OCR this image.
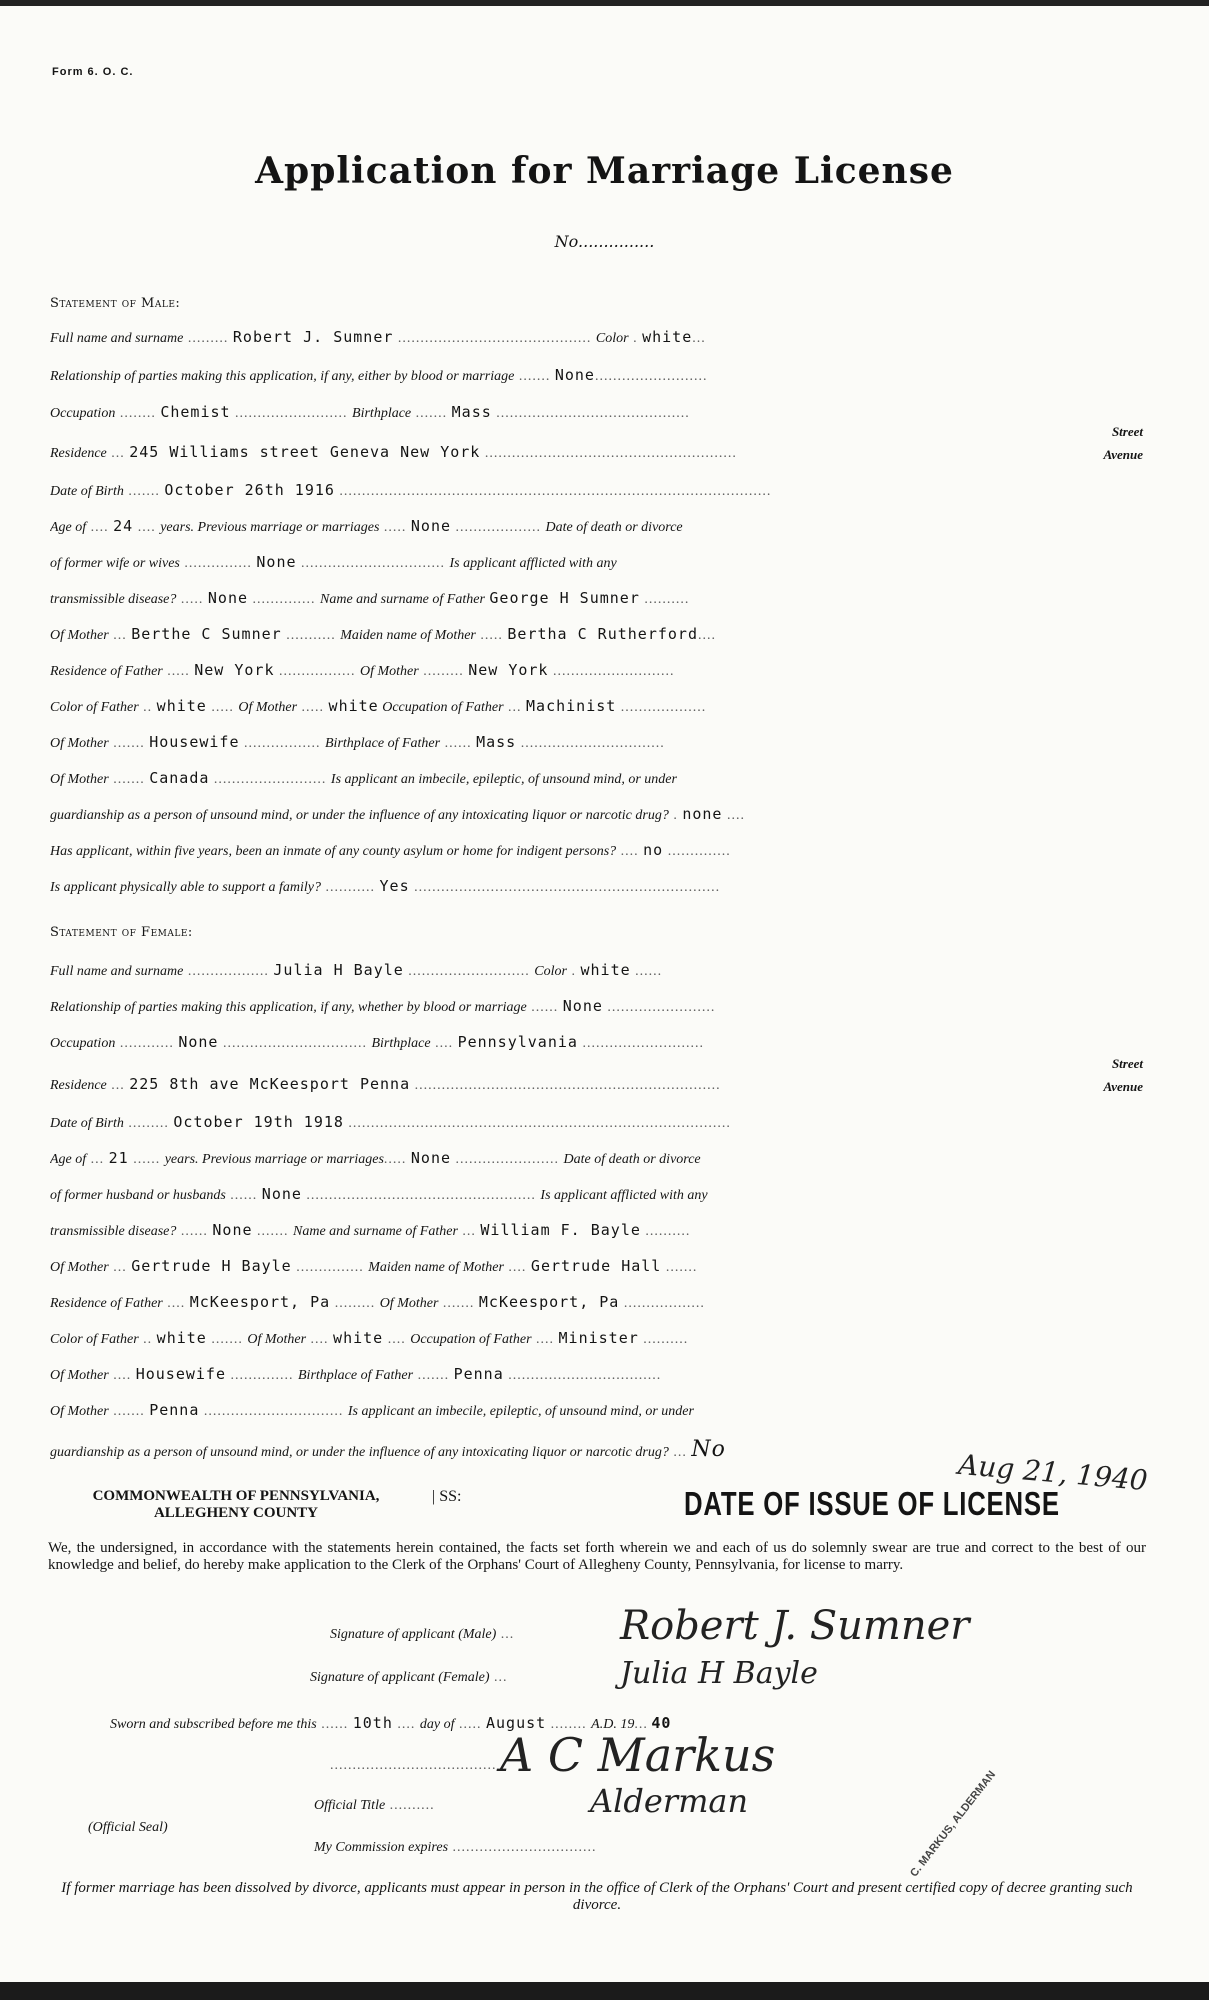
Form 6. O. C.
Application for Marriage License
No...............
Statement of Male:
Full name and surname ......... Robert J. Sumner ........................................... Color . white...
Relationship of parties making this application, if any, either by blood or marriage ....... None.........................
Occupation ........ Chemist ......................... Birthplace ....... Mass ...........................................
Street
Residence ... 245 Williams street Geneva New York ........................................................	Avenue
Date of Birth ....... October 26th 1916 ................................................................................................
Age of .... 24 .... years. Previous marriage or marriages ..... None ................... Date of death or divorce
of former wife or wives ............... None ................................ Is applicant afflicted with any
transmissible disease? ..... None .............. Name and surname of Father George H Sumner ..........
Of Mother ... Berthe C Sumner ........... Maiden name of Mother ..... Bertha C Rutherford....
Residence of Father ..... New York ................. Of Mother ......... New York ...........................
Color of Father .. white ..... Of Mother ..... white Occupation of Father ... Machinist ...................
Of Mother ....... Housewife ................. Birthplace of Father ...... Mass ................................
Of Mother ....... Canada ......................... Is applicant an imbecile, epileptic, of unsound mind, or under
guardianship as a person of unsound mind, or under the influence of any intoxicating liquor or narcotic drug? . none ....
Has applicant, within five years, been an inmate of any county asylum or home for indigent persons? .... no ..............
Is applicant physically able to support a family? ........... Yes ....................................................................
Statement of Female:
Full name and surname .................. Julia H Bayle ........................... Color . white ......
Relationship of parties making this application, if any, whether by blood or marriage ...... None ........................
Occupation ............ None ................................ Birthplace .... Pennsylvania ...........................
Street
Residence ... 225 8th ave McKeesport Penna ....................................................................	Avenue
Date of Birth ......... October 19th 1918 .....................................................................................
Age of ... 21 ...... years. Previous marriage or marriages..... None ....................... Date of death or divorce
of former husband or husbands ...... None ................................................... Is applicant afflicted with any
transmissible disease? ...... None ....... Name and surname of Father ... William F. Bayle ..........
Of Mother ... Gertrude H Bayle ............... Maiden name of Mother .... Gertrude Hall .......
Residence of Father .... McKeesport, Pa ......... Of Mother ....... McKeesport, Pa ..................
Color of Father .. white ....... Of Mother .... white .... Occupation of Father .... Minister ..........
Of Mother .... Housewife .............. Birthplace of Father ....... Penna ..................................
Of Mother ....... Penna ............................... Is applicant an imbecile, epileptic, of unsound mind, or under
guardianship as a person of unsound mind, or under the influence of any intoxicating liquor or narcotic drug? ... No
COMMONWEALTH OF PENNSYLVANIA,
ALLEGHENY COUNTY
| SS:	DATE OF ISSUE OF LICENSE
Aug 21, 1940
We, the undersigned, in accordance with the statements herein contained, the facts set forth wherein we and each of us do solemnly swear are true and correct to the best of our knowledge and belief, do hereby make application to the Clerk of the Orphans' Court of Allegheny County, Pennsylvania, for license to marry.
Signature of applicant (Male) ...	Robert J. Sumner
Signature of applicant (Female) ...	Julia H Bayle
Sworn and subscribed before me this ...... 10th .... day of ..... August ........ A.D. 19... 40
..................................... A C Markus
Official Title ..........	Alderman
(Official Seal)
My Commission expires ................................	C. MARKUS, ALDERMAN
If former marriage has been dissolved by divorce, applicants must appear in person in the office of Clerk of the Orphans' Court and present certified copy of decree granting such divorce.
